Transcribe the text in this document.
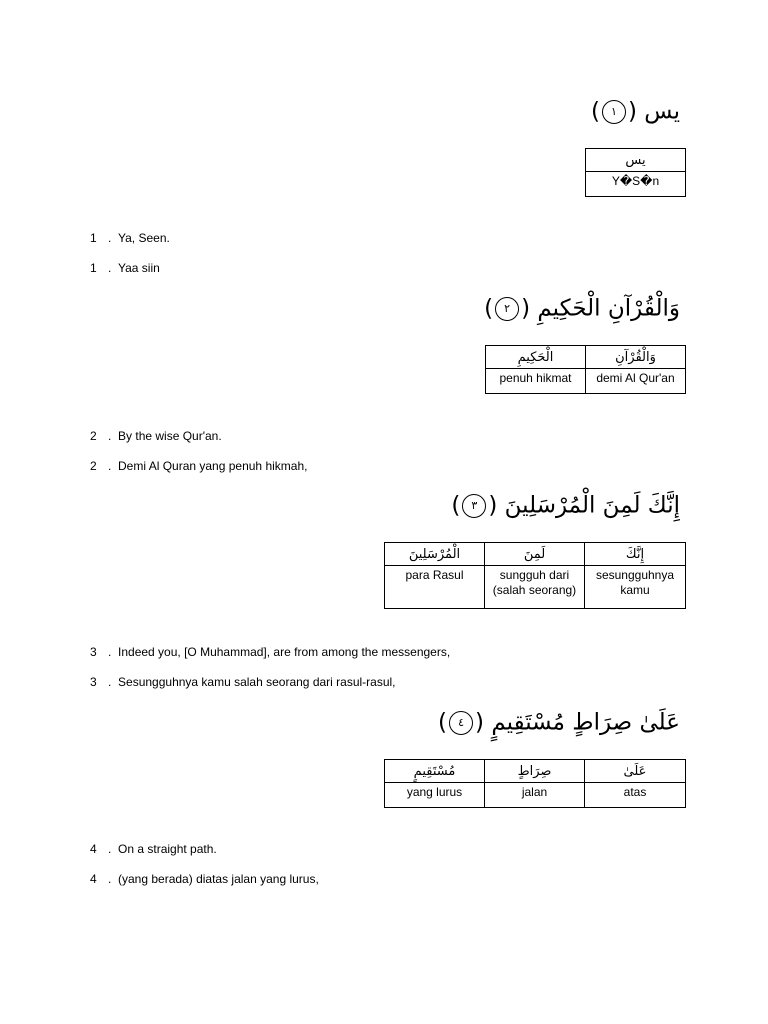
يس (١)
يس
Y�S�n
1 .  Ya, Seen.
1 .  Yaa siin
وَالْقُرْآنِ الْحَكِيمِ (٢)
الْحَكِيمِ	وَالْقُرْآنِ
penuh hikmat	demi Al Qur'an
2 .  By the wise Qur'an.
2 .  Demi Al Quran yang penuh hikmah,
إِنَّكَ لَمِنَ الْمُرْسَلِينَ (٣)
الْمُرْسَلِينَ	لَمِنَ	إِنَّكَ
para Rasul	sungguh dari (salah seorang)	sesungguhnya kamu
3 .  Indeed you, [O Muhammad], are from among the messengers,
3 .  Sesungguhnya kamu salah seorang dari rasul-rasul,
عَلَىٰ صِرَاطٍ مُسْتَقِيمٍ (٤)
مُسْتَقِيمٍ	صِرَاطٍ	عَلَىٰ
yang lurus	jalan	atas
4 .  On a straight path.
4 .  (yang berada) diatas jalan yang lurus,
